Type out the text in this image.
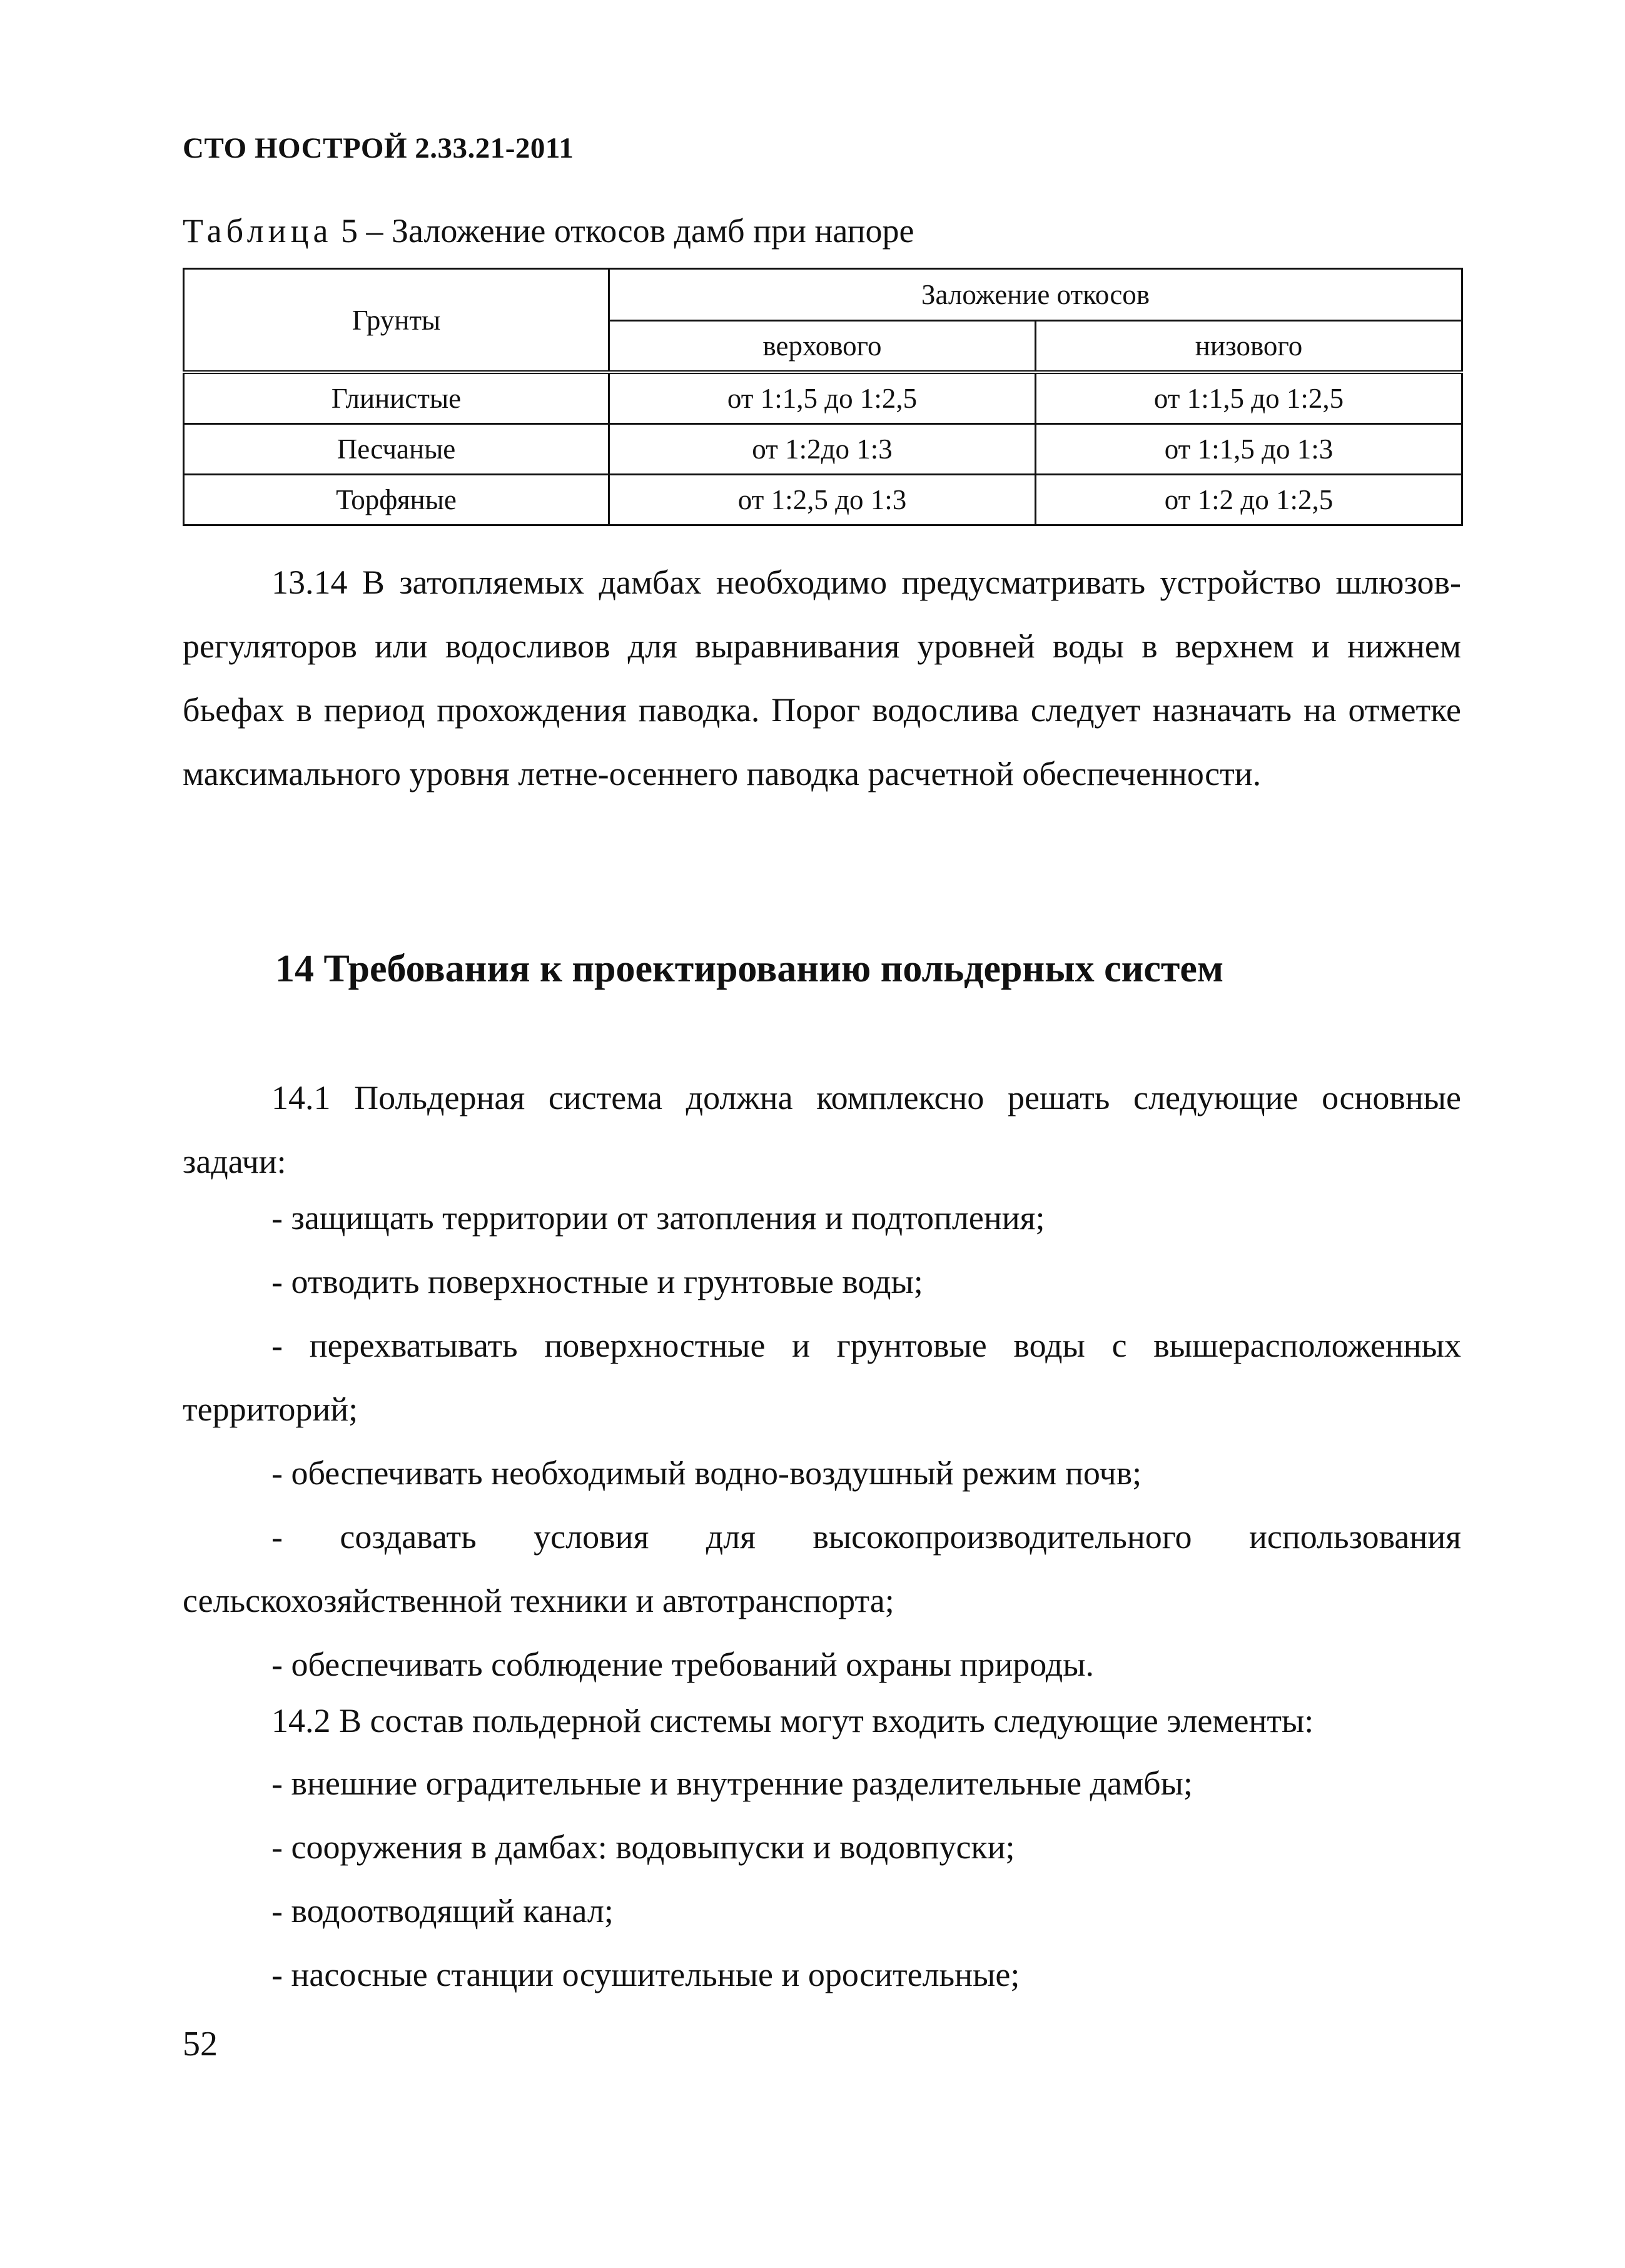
СТО НОСТРОЙ 2.33.21-2011
Таблица 5 – Заложение откосов дамб при напоре
Грунты	Заложение откосов	
	верхового	низового
Глинистые	от 1:1,5 до 1:2,5	от 1:1,5 до 1:2,5
Песчаные	от 1:2до 1:3	от 1:1,5 до 1:3
Торфяные	от 1:2,5 до 1:3	от 1:2 до 1:2,5

13.14 В затопляемых дамбах необходимо предусматривать устройство шлюзов-регуляторов или водосливов для выравнивания уровней воды в верхнем и нижнем бьефах в период прохождения паводка. Порог водослива следует назначать на отметке максимального уровня летне-осеннего паводка расчетной обеспеченности.

14 Требования к проектированию польдерных систем

14.1 Польдерная система должна комплексно решать следующие основные задачи:

- защищать территории от затопления и подтопления;
- отводить поверхностные и грунтовые воды;
- перехватывать поверхностные и грунтовые воды с вышерасположенных территорий;
- обеспечивать необходимый водно-воздушный режим почв;
- создавать условия для высокопроизводительного использования сельскохозяйственной техники и автотранспорта;
- обеспечивать соблюдение требований охраны природы.

14.2 В состав польдерной системы могут входить следующие элементы:

- внешние оградительные и внутренние разделительные дамбы;
- сооружения в дамбах: водовыпуски и водовпуски;
- водоотводящий канал;
- насосные станции осушительные и оросительные;
52
